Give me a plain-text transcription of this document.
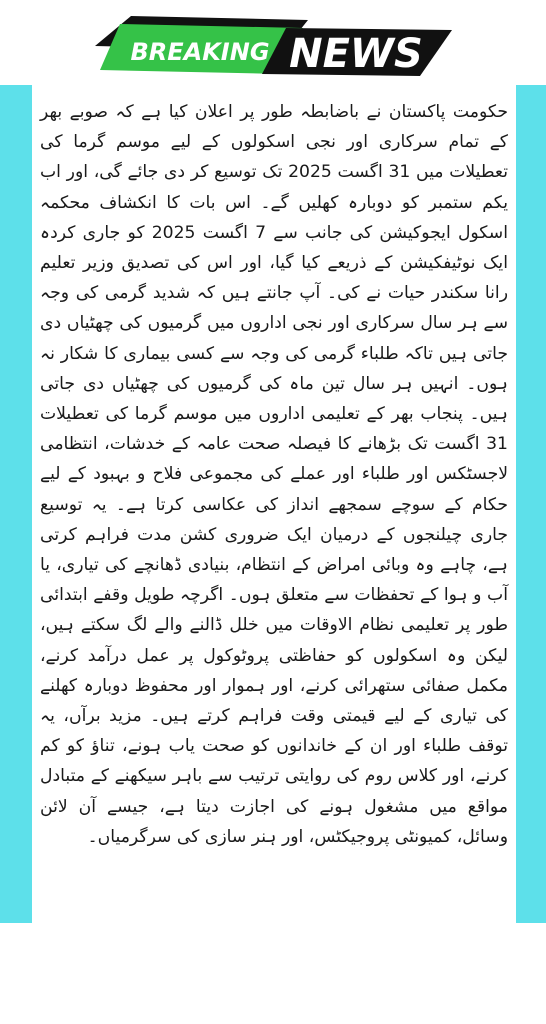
BREAKING NEWS

حکومت پاکستان نے باضابطہ طور پر اعلان کیا ہے کہ صوبے بھر کے تمام سرکاری اور نجی اسکولوں کے لیے موسم گرما کی تعطیلات میں 31 اگست 2025 تک توسیع کر دی جائے گی، اور اب یکم ستمبر کو دوبارہ کھلیں گے۔ اس بات کا انکشاف محکمہ اسکول ایجوکیشن کی جانب سے 7 اگست 2025 کو جاری کردہ ایک نوٹیفکیشن کے ذریعے کیا گیا، اور اس کی تصدیق وزیر تعلیم رانا سکندر حیات نے کی۔ آپ جانتے ہیں کہ شدید گرمی کی وجہ سے ہر سال سرکاری اور نجی اداروں میں گرمیوں کی چھٹیاں دی جاتی ہیں تاکہ طلباء گرمی کی وجہ سے کسی بیماری کا شکار نہ ہوں۔ انہیں ہر سال تین ماہ کی گرمیوں کی چھٹیاں دی جاتی ہیں۔ پنجاب بھر کے تعلیمی اداروں میں موسم گرما کی تعطیلات 31 اگست تک بڑھانے کا فیصلہ صحت عامہ کے خدشات، انتظامی لاجسٹکس اور طلباء اور عملے کی مجموعی فلاح و بہبود کے لیے حکام کے سوچے سمجھے انداز کی عکاسی کرتا ہے۔ یہ توسیع جاری چیلنجوں کے درمیان ایک ضروری کشن مدت فراہم کرتی ہے، چاہے وہ وبائی امراض کے انتظام، بنیادی ڈھانچے کی تیاری، یا آب و ہوا کے تحفظات سے متعلق ہوں۔ اگرچہ طویل وقفے ابتدائی طور پر تعلیمی نظام الاوقات میں خلل ڈالنے والے لگ سکتے ہیں، لیکن وہ اسکولوں کو حفاظتی پروٹوکول پر عمل درآمد کرنے، مکمل صفائی ستھرائی کرنے، اور ہموار اور محفوظ دوبارہ کھلنے کی تیاری کے لیے قیمتی وقت فراہم کرتے ہیں۔ مزید برآں، یہ توقف طلباء اور ان کے خاندانوں کو صحت یاب ہونے، تناؤ کو کم کرنے، اور کلاس روم کی روایتی ترتیب سے باہر سیکھنے کے متبادل مواقع میں مشغول ہونے کی اجازت دیتا ہے، جیسے آن لائن وسائل، کمیونٹی پروجیکٹس، اور ہنر سازی کی سرگرمیاں۔
